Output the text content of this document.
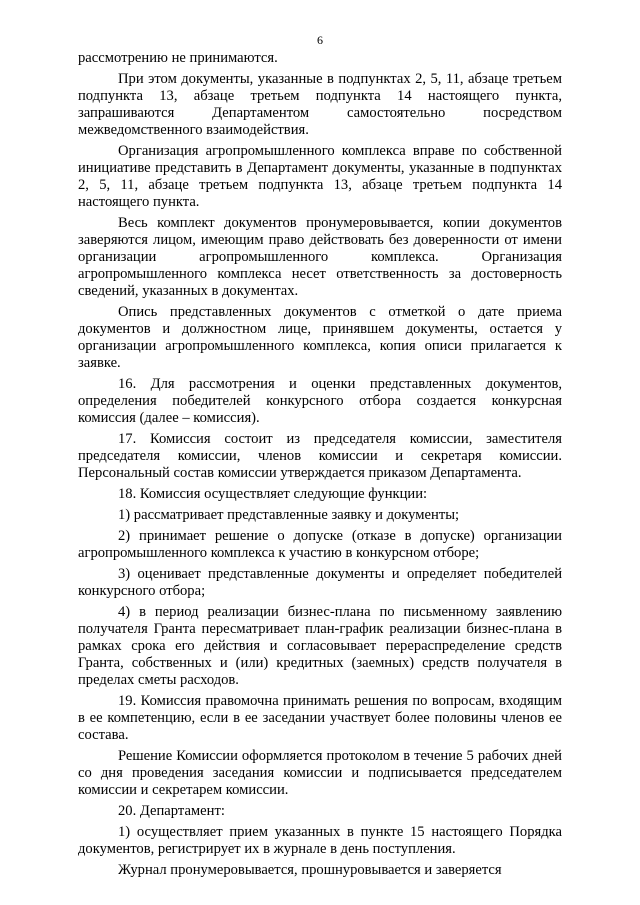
6

рассмотрению не принимаются.

При этом документы, указанные в подпунктах 2, 5, 11, абзаце третьем подпункта 13, абзаце третьем подпункта 14 настоящего пункта, запрашиваются Департаментом самостоятельно посредством межведомственного взаимодействия.

Организация агропромышленного комплекса вправе по собственной инициативе представить в Департамент документы, указанные в подпунктах 2, 5, 11, абзаце третьем подпункта 13, абзаце третьем подпункта 14 настоящего пункта.

Весь комплект документов пронумеровывается, копии документов заверяются лицом, имеющим право действовать без доверенности от имени организации агропромышленного комплекса. Организация агропромышленного комплекса несет ответственность за достоверность сведений, указанных в документах.

Опись представленных документов с отметкой о дате приема документов и должностном лице, принявшем документы, остается у организации агропромышленного комплекса, копия описи прилагается к заявке.

16. Для рассмотрения и оценки представленных документов, определения победителей конкурсного отбора создается конкурсная комиссия (далее – комиссия).

17. Комиссия состоит из председателя комиссии, заместителя председателя комиссии, членов комиссии и секретаря комиссии. Персональный состав комиссии утверждается приказом Департамента.

18. Комиссия осуществляет следующие функции:

1) рассматривает представленные заявку и документы;

2) принимает решение о допуске (отказе в допуске) организации агропромышленного комплекса к участию в конкурсном отборе;

3) оценивает представленные документы и определяет победителей конкурсного отбора;

4) в период реализации бизнес-плана по письменному заявлению получателя Гранта пересматривает план-график реализации бизнес-плана в рамках срока его действия и согласовывает перераспределение средств Гранта, собственных и (или) кредитных (заемных) средств получателя в пределах сметы расходов.

19. Комиссия правомочна принимать решения по вопросам, входящим в ее компетенцию, если в ее заседании участвует более половины членов ее состава.

Решение Комиссии оформляется протоколом в течение 5 рабочих дней со дня проведения заседания комиссии и подписывается председателем комиссии и секретарем комиссии.

20. Департамент:

1) осуществляет прием указанных в пункте 15 настоящего Порядка документов, регистрирует их в журнале в день поступления.

Журнал пронумеровывается, прошнуровывается и заверяется
